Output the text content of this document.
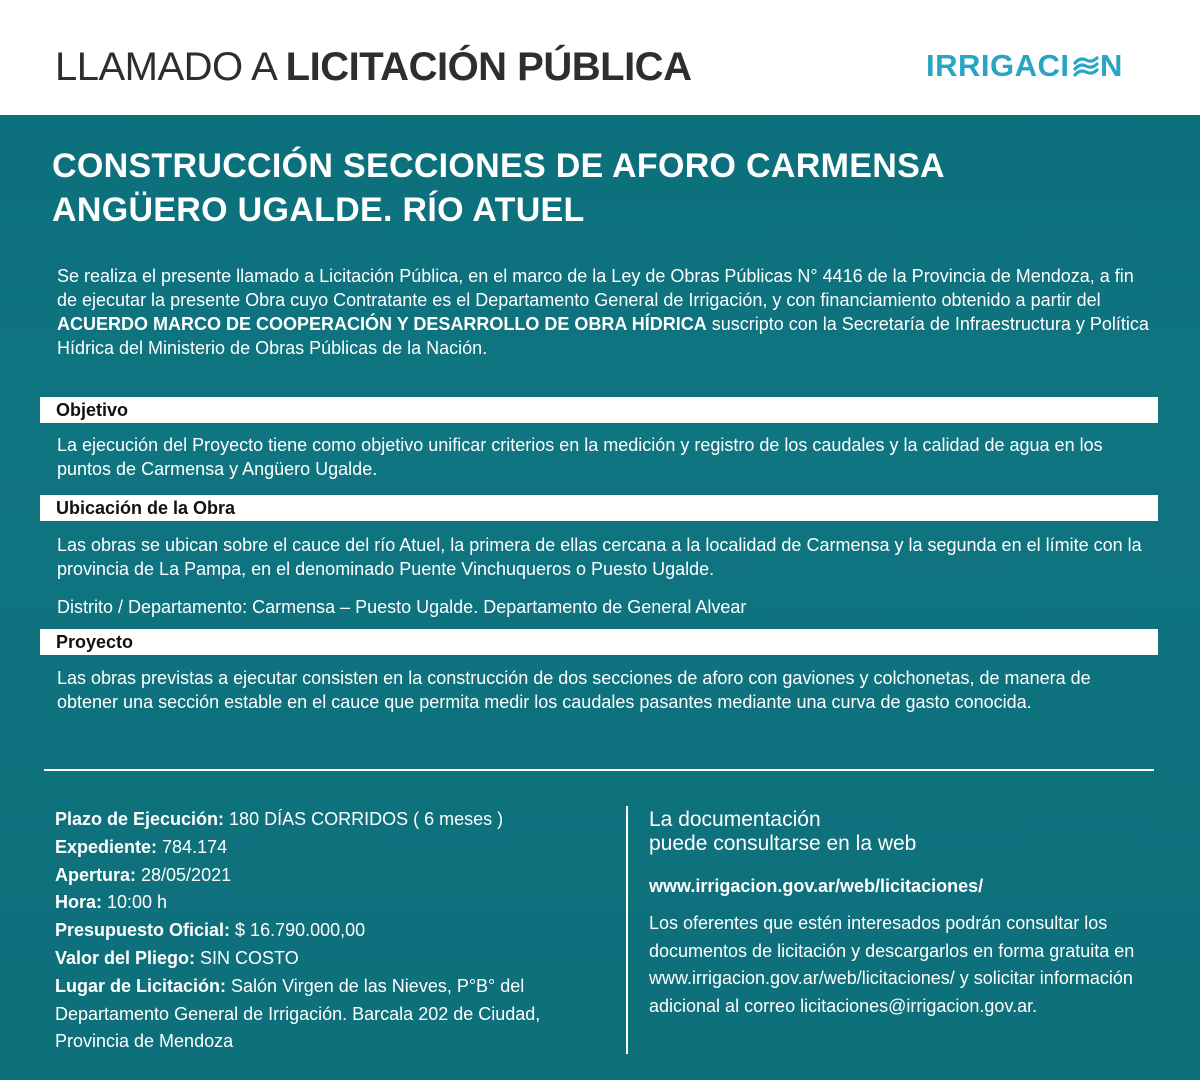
LLAMADO A LICITACIÓN PÚBLICA	IRRIGACI N
CONSTRUCCIÓN SECCIONES DE AFORO CARMENSA
ANGÜERO UGALDE. RÍO ATUEL
Se realiza el presente llamado a Licitación Pública, en el marco de la Ley de Obras Públicas N° 4416 de la Provincia de Mendoza, a fin de ejecutar la presente Obra cuyo Contratante es el Departamento General de Irrigación, y con financiamiento obtenido a partir del ACUERDO MARCO DE COOPERACIÓN Y DESARROLLO DE OBRA HÍDRICA suscripto con la Secretaría de Infraestructura y Política Hídrica del Ministerio de Obras Públicas de la Nación.
Objetivo
La ejecución del Proyecto tiene como objetivo unificar criterios en la medición y registro de los caudales y la calidad de agua en los puntos de Carmensa y Angüero Ugalde.
Ubicación de la Obra
Las obras se ubican sobre el cauce del río Atuel, la primera de ellas cercana a la localidad de Carmensa y la segunda en el límite con la provincia de La Pampa, en el denominado Puente Vinchuqueros o Puesto Ugalde.
Distrito / Departamento: Carmensa – Puesto Ugalde. Departamento de General Alvear
Proyecto
Las obras previstas a ejecutar consisten en la construcción de dos secciones de aforo con gaviones y colchonetas, de manera de obtener una sección estable en el cauce que permita medir los caudales pasantes mediante una curva de gasto conocida.
Plazo de Ejecución: 180 DÍAS CORRIDOS ( 6 meses )
Expediente: 784.174
Apertura: 28/05/2021
Hora: 10:00 h
Presupuesto Oficial: $ 16.790.000,00
Valor del Pliego: SIN COSTO
Lugar de Licitación: Salón Virgen de las Nieves, P°B° del Departamento General de Irrigación. Barcala 202 de Ciudad, Provincia de Mendoza
La documentación
puede consultarse en la web
www.irrigacion.gov.ar/web/licitaciones/
Los oferentes que estén interesados podrán consultar los documentos de licitación y descargarlos en forma gratuita en www.irrigacion.gov.ar/web/licitaciones/ y solicitar información adicional al correo licitaciones@irrigacion.gov.ar.
